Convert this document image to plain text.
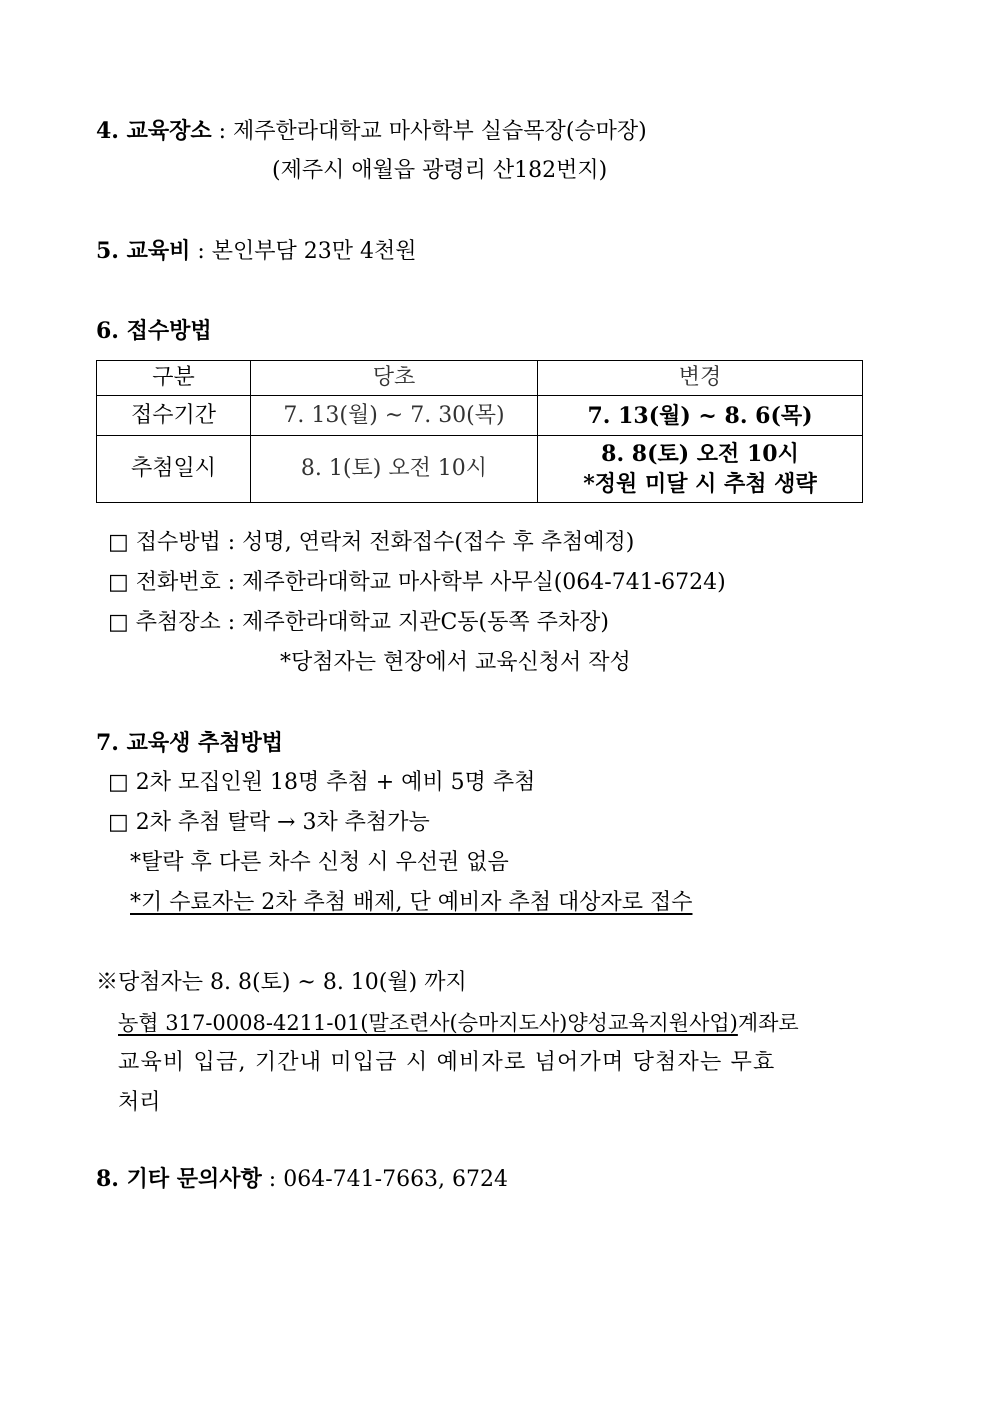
4. 교육장소 : 제주한라대학교 마사학부 실습목장(승마장)
(제주시 애월읍 광령리 산182번지)
5. 교육비 : 본인부담 23만 4천원
6. 접수방법
구분	당초	변경
접수기간	7. 13(월) ~ 7. 30(목)	7. 13(월) ~ 8. 6(목)
추첨일시	8. 1(토) 오전 10시	8. 8(토) 오전 10시
*정원 미달 시 추첨 생략
□ 접수방법 : 성명, 연락처 전화접수(접수 후 추첨예정)
□ 전화번호 : 제주한라대학교 마사학부 사무실(064-741-6724)
□ 추첨장소 : 제주한라대학교 지관C동(동쪽 주차장)
*당첨자는 현장에서 교육신청서 작성
7. 교육생 추첨방법
□ 2차 모집인원 18명 추첨 + 예비 5명 추첨
□ 2차 추첨 탈락 → 3차 추첨가능
*탈락 후 다른 차수 신청 시 우선권 없음
*기 수료자는 2차 추첨 배제, 단 예비자 추첨 대상자로 접수
※당첨자는 8. 8(토) ~ 8. 10(월) 까지
농협 317-0008-4211-01(말조련사(승마지도사)양성교육지원사업)계좌로
교육비 입금, 기간내 미입금 시 예비자로 넘어가며 당첨자는 무효
처리
8. 기타 문의사항 : 064-741-7663, 6724
